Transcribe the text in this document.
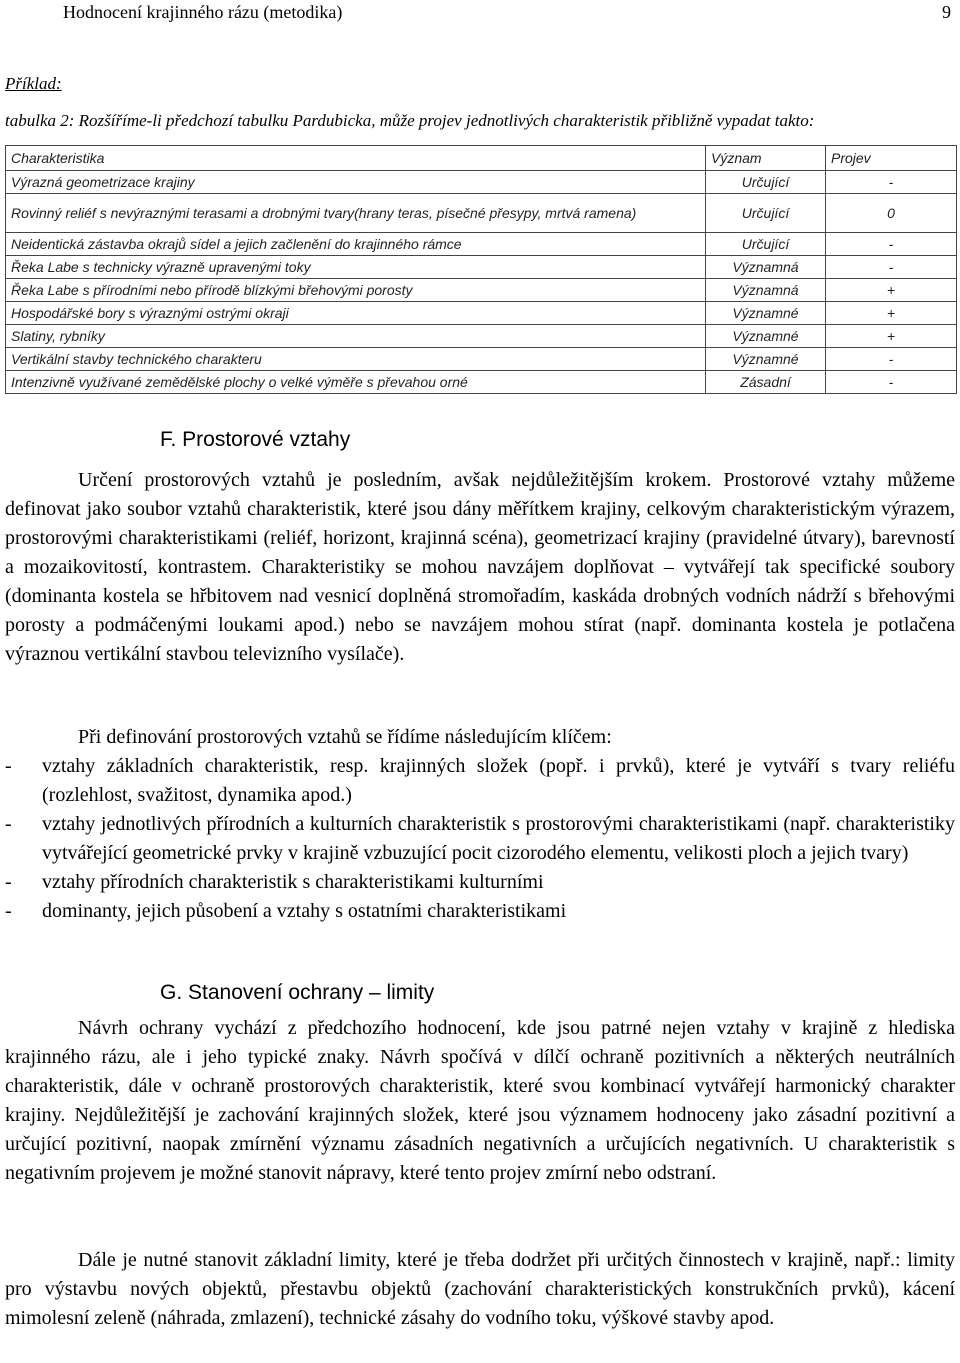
Hodnocení krajinného rázu (metodika)	9
Příklad:
tabulka 2: Rozšíříme-li předchozí tabulku Pardubicka, může projev jednotlivých charakteristik přibližně vypadat takto:
Charakteristika	Význam	Projev
Výrazná geometrizace krajiny	Určující	-
Rovinný reliéf s nevýraznými terasami a drobnými tvary(hrany teras, písečné přesypy, mrtvá ramena)	Určující	0
Neidentická zástavba okrajů sídel a jejich začlenění do krajinného rámce	Určující	-
Řeka Labe s technicky výrazně upravenými toky	Významná	-
Řeka Labe s přírodními nebo přírodě blízkými břehovými porosty	Významná	+
Hospodářské bory s výraznými ostrými okraji	Významné	+
Slatiny, rybníky	Významné	+
Vertikální stavby technického charakteru	Významné	-
Intenzivně využívané zemědělské plochy o velké výměře s převahou orné	Zásadní	-
F. Prostorové vztahy
Určení prostorových vztahů je posledním, avšak nejdůležitějším krokem. Prostorové vztahy můžeme definovat jako soubor vztahů charakteristik, které jsou dány měřítkem krajiny, celkovým charakteristickým výrazem, prostorovými charakteristikami (reliéf, horizont, krajinná scéna), geometrizací krajiny (pravidelné útvary), barevností a mozaikovitostí, kontrastem. Charakteristiky se mohou navzájem doplňovat – vytvářejí tak specifické soubory (dominanta kostela se hřbitovem nad vesnicí doplněná stromořadím, kaskáda drobných vodních nádrží s břehovými porosty a podmáčenými loukami apod.) nebo se navzájem mohou stírat (např. dominanta kostela je potlačena výraznou vertikální stavbou televizního vysílače).
Při definování prostorových vztahů se řídíme následujícím klíčem:
- vztahy základních charakteristik, resp. krajinných složek (popř. i prvků), které je vytváří s tvary reliéfu (rozlehlost, svažitost, dynamika apod.)
- vztahy jednotlivých přírodních a kulturních charakteristik s prostorovými charakteristikami (např. charakteristiky vytvářející geometrické prvky v krajině vzbuzující pocit cizorodého elementu, velikosti ploch a jejich tvary)
- vztahy přírodních charakteristik s charakteristikami kulturními
- dominanty, jejich působení a vztahy s ostatními charakteristikami
G. Stanovení ochrany – limity
Návrh ochrany vychází z předchozího hodnocení, kde jsou patrné nejen vztahy v krajině z hlediska krajinného rázu, ale i jeho typické znaky. Návrh spočívá v dílčí ochraně pozitivních a některých neutrálních charakteristik, dále v ochraně prostorových charakteristik, které svou kombinací vytvářejí harmonický charakter krajiny. Nejdůležitější je zachování krajinných složek, které jsou významem hodnoceny jako zásadní pozitivní a určující pozitivní, naopak zmírnění významu zásadních negativních a určujících negativních. U charakteristik s negativním projevem je možné stanovit nápravy, které tento projev zmírní nebo odstraní.
Dále je nutné stanovit základní limity, které je třeba dodržet při určitých činnostech v krajině, např.: limity pro výstavbu nových objektů, přestavbu objektů (zachování charakteristických konstrukčních prvků), kácení mimolesní zeleně (náhrada, zmlazení), technické zásahy do vodního toku, výškové stavby apod.
